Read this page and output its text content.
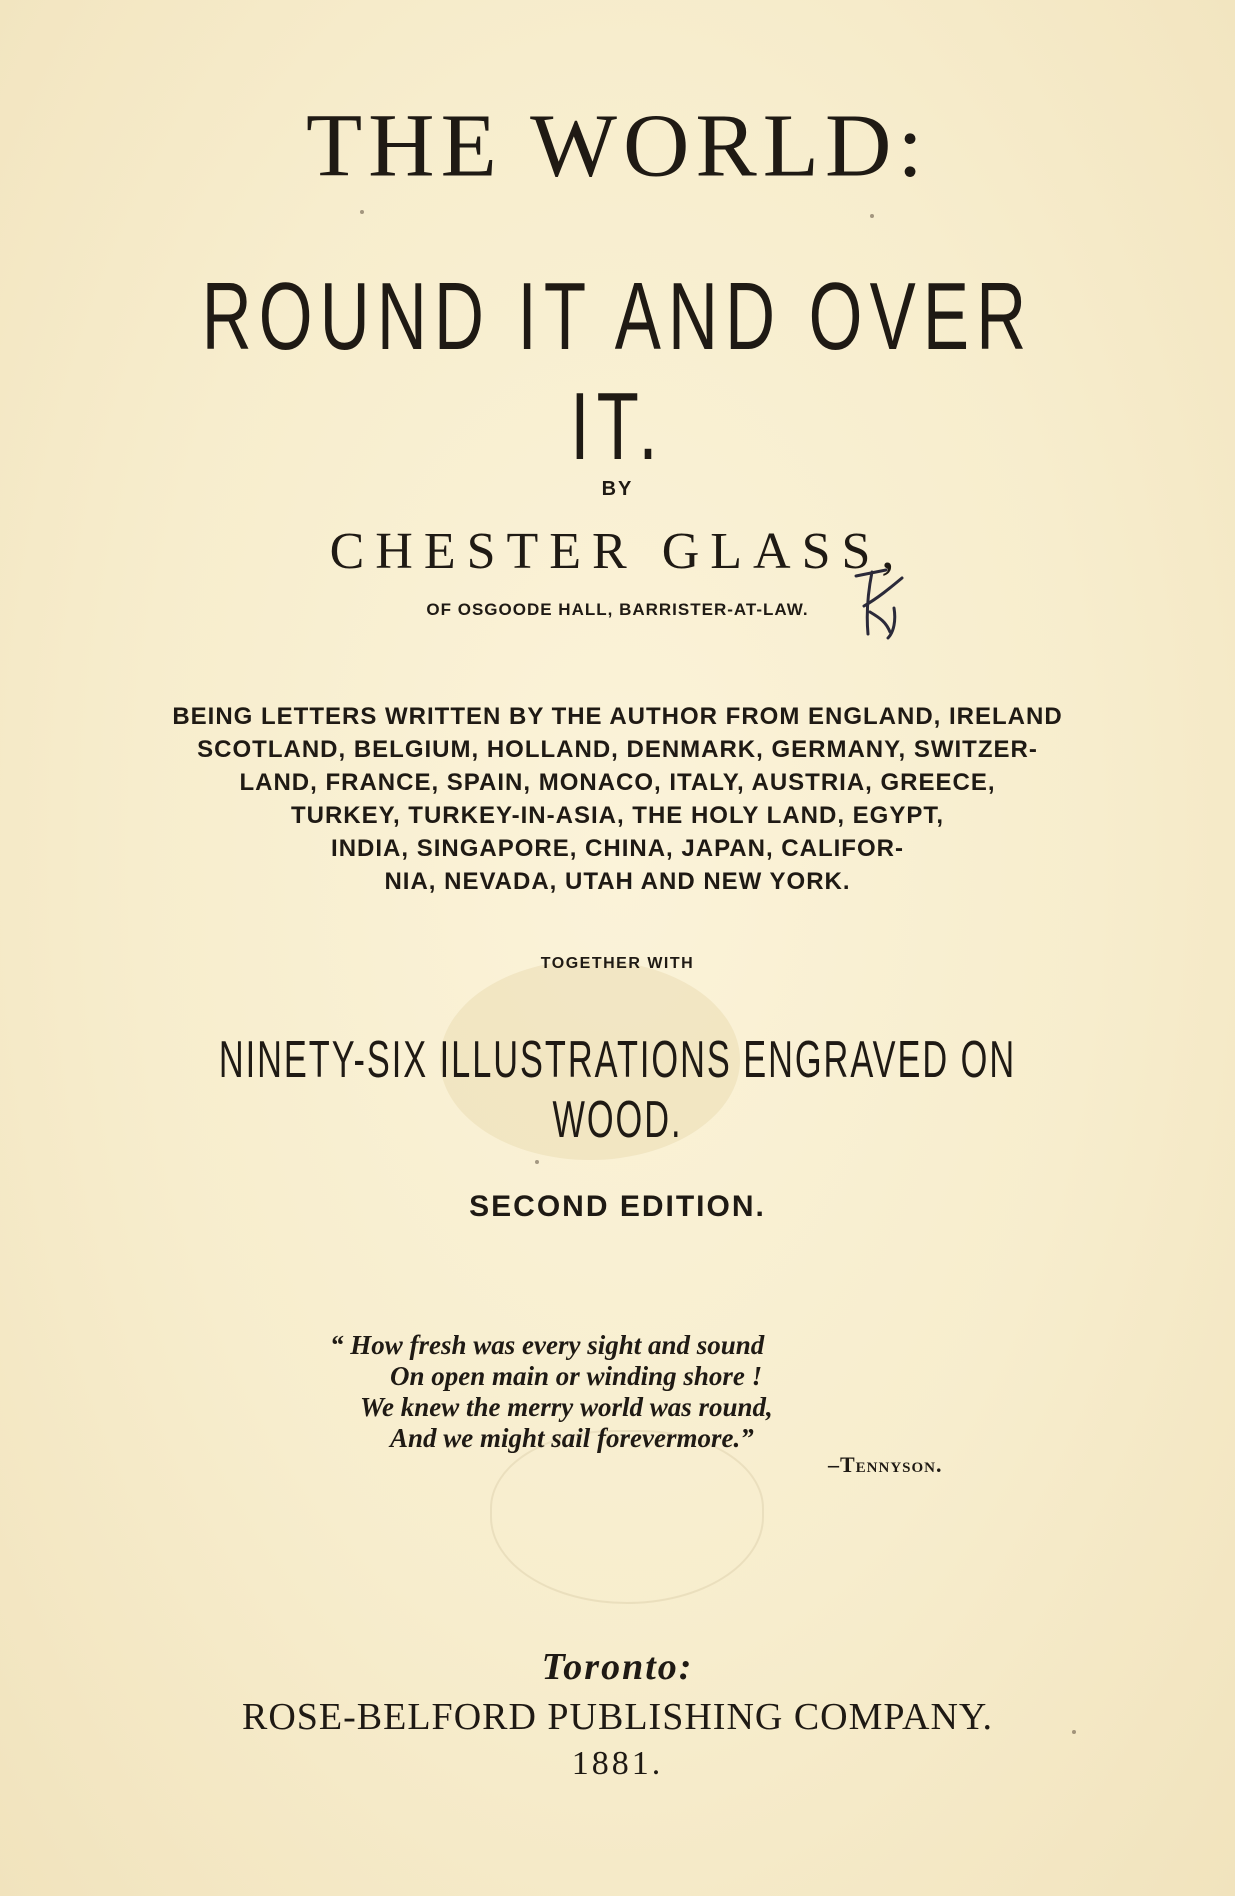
THE WORLD:
ROUND IT AND OVER IT.
BY
CHESTER GLASS,
OF OSGOODE HALL, BARRISTER-AT-LAW.
BEING LETTERS WRITTEN BY THE AUTHOR FROM ENGLAND, IRELAND
SCOTLAND, BELGIUM, HOLLAND, DENMARK, GERMANY, SWITZER-
LAND, FRANCE, SPAIN, MONACO, ITALY, AUSTRIA, GREECE,
TURKEY, TURKEY-IN-ASIA, THE HOLY LAND, EGYPT,
INDIA, SINGAPORE, CHINA, JAPAN, CALIFOR-
NIA, NEVADA, UTAH AND NEW YORK.
TOGETHER WITH
NINETY-SIX ILLUSTRATIONS ENGRAVED ON WOOD.
SECOND EDITION.
“ How fresh was every sight and sound
On open main or winding shore !
We knew the merry world was round,
And we might sail forevermore.”
–Tennyson.
Toronto:
ROSE-BELFORD PUBLISHING COMPANY.
1881.
